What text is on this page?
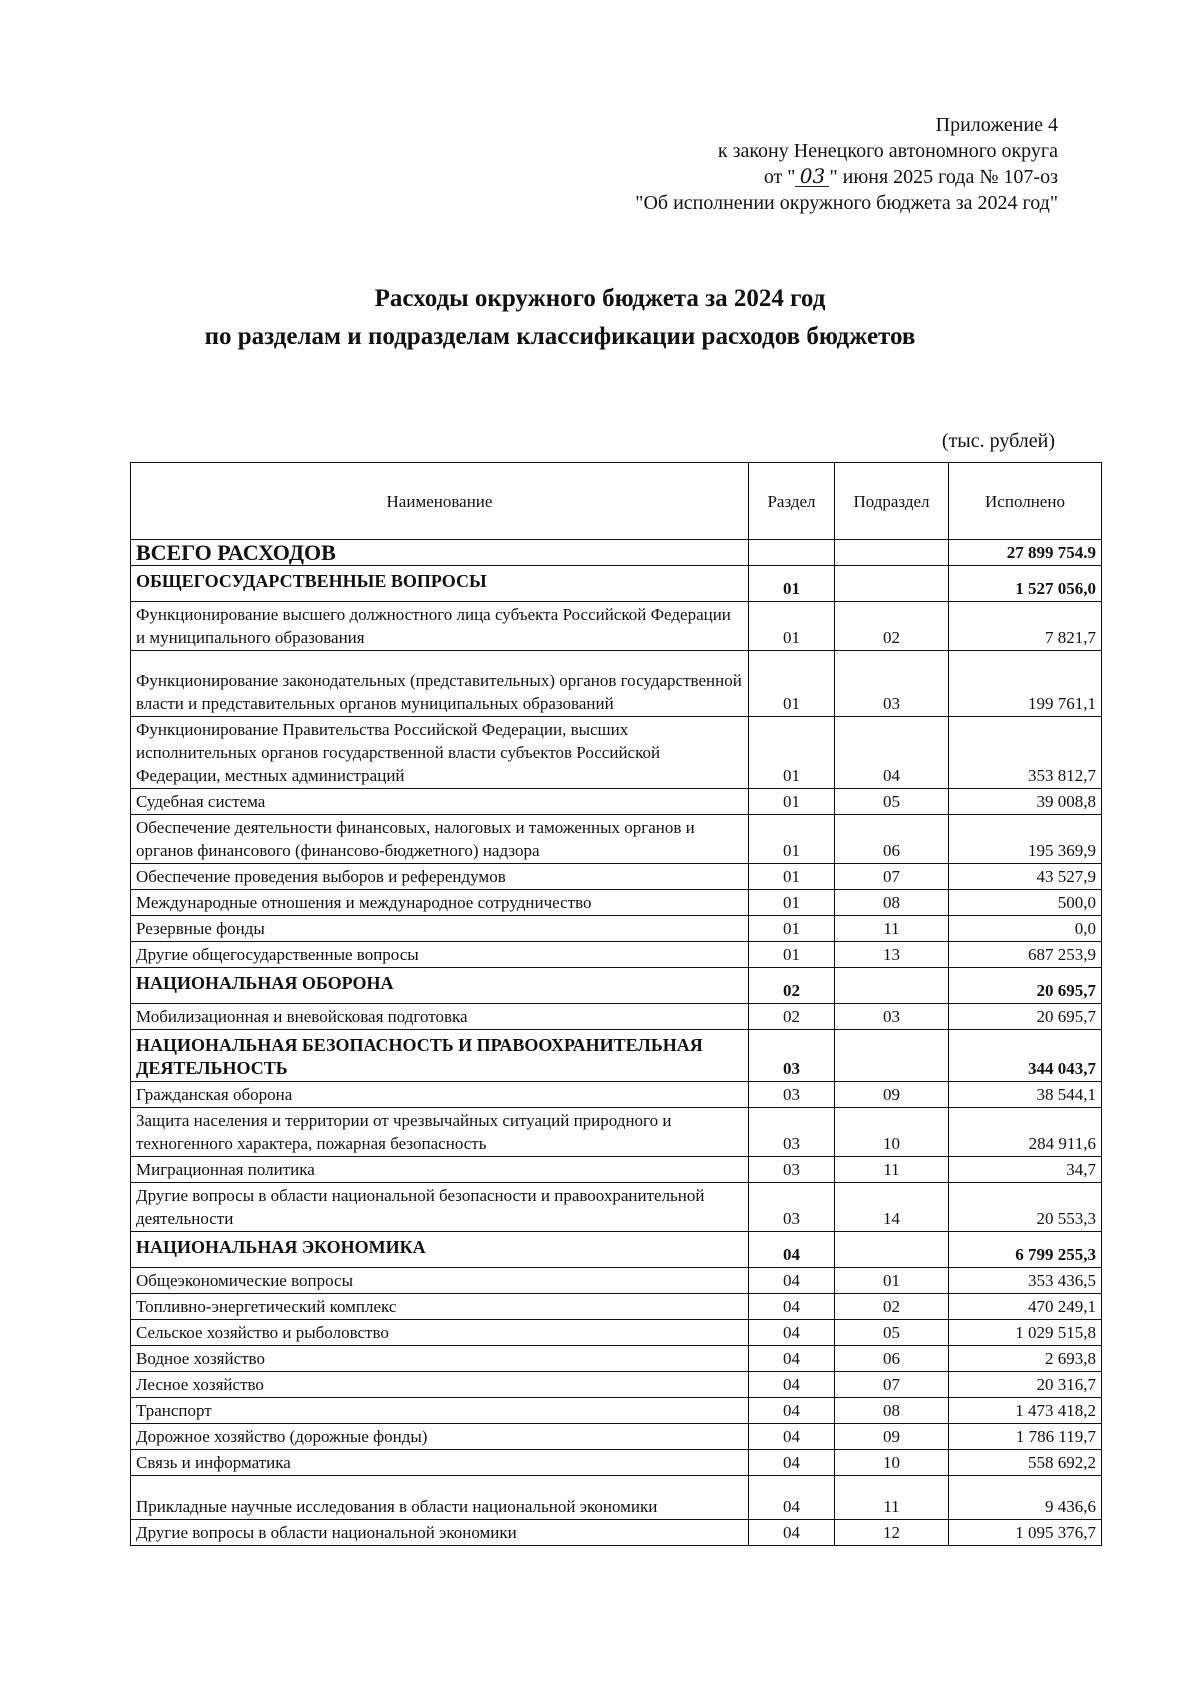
Приложение 4
к закону Ненецкого автономного округа
от " 03 " июня 2025 года № 107-оз
"Об исполнении окружного бюджета за 2024 год"
Расходы окружного бюджета за 2024 год
по разделам и подразделам классификации расходов бюджетов
(тыс. рублей)
Наименование	Раздел	Подраздел	Исполнено
ВСЕГО РАСХОДОВ			27 899 754.9
ОБЩЕГОСУДАРСТВЕННЫЕ ВОПРОСЫ	01		1 527 056,0
Функционирование высшего должностного лица субъекта Российской Федерации и муниципального образования	01	02	7 821,7
Функционирование законодательных (представительных) органов государственной власти и представительных органов муниципальных образований	01	03	199 761,1
Функционирование Правительства Российской Федерации, высших исполнительных органов государственной власти субъектов Российской Федерации, местных администраций	01	04	353 812,7
Судебная система	01	05	39 008,8
Обеспечение деятельности финансовых, налоговых и таможенных органов и органов финансового (финансово-бюджетного) надзора	01	06	195 369,9
Обеспечение проведения выборов и референдумов	01	07	43 527,9
Международные отношения и международное сотрудничество	01	08	500,0
Резервные фонды	01	11	0,0
Другие общегосударственные вопросы	01	13	687 253,9
НАЦИОНАЛЬНАЯ ОБОРОНА	02		20 695,7
Мобилизационная и вневойсковая подготовка	02	03	20 695,7
НАЦИОНАЛЬНАЯ БЕЗОПАСНОСТЬ И ПРАВООХРАНИТЕЛЬНАЯ ДЕЯТЕЛЬНОСТЬ	03		344 043,7
Гражданская оборона	03	09	38 544,1
Защита населения и территории от чрезвычайных ситуаций природного и техногенного характера, пожарная безопасность	03	10	284 911,6
Миграционная политика	03	11	34,7
Другие вопросы в области национальной безопасности и правоохранительной деятельности	03	14	20 553,3
НАЦИОНАЛЬНАЯ ЭКОНОМИКА	04		6 799 255,3
Общеэкономические вопросы	04	01	353 436,5
Топливно-энергетический комплекс	04	02	470 249,1
Сельское хозяйство и рыболовство	04	05	1 029 515,8
Водное хозяйство	04	06	2 693,8
Лесное хозяйство	04	07	20 316,7
Транспорт	04	08	1 473 418,2
Дорожное хозяйство (дорожные фонды)	04	09	1 786 119,7
Связь и информатика	04	10	558 692,2
Прикладные научные исследования в области национальной экономики	04	11	9 436,6
Другие вопросы в области национальной экономики	04	12	1 095 376,7
